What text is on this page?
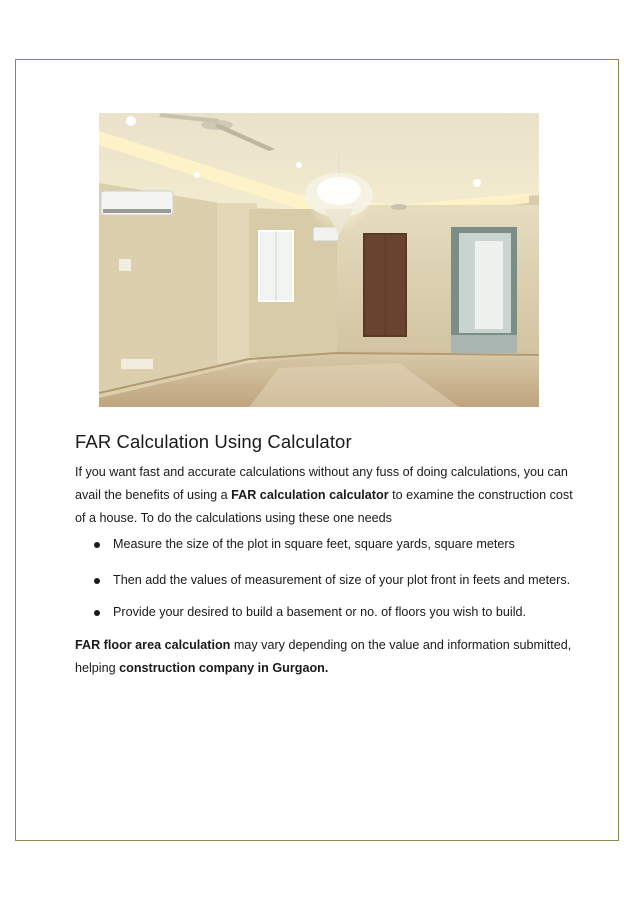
FAR Calculation Using Calculator

If you want fast and accurate calculations without any fuss of doing calculations, you can avail the benefits of using a FAR calculation calculator to examine the construction cost of a house. To do the calculations using these one needs

Measure the size of the plot in square feet, square yards, square meters
Then add the values of measurement of size of your plot front in feets and meters.
Provide your desired to build a basement or no. of floors you wish to build.

FAR floor area calculation may vary depending on the value and information submitted, helping construction company in Gurgaon.
